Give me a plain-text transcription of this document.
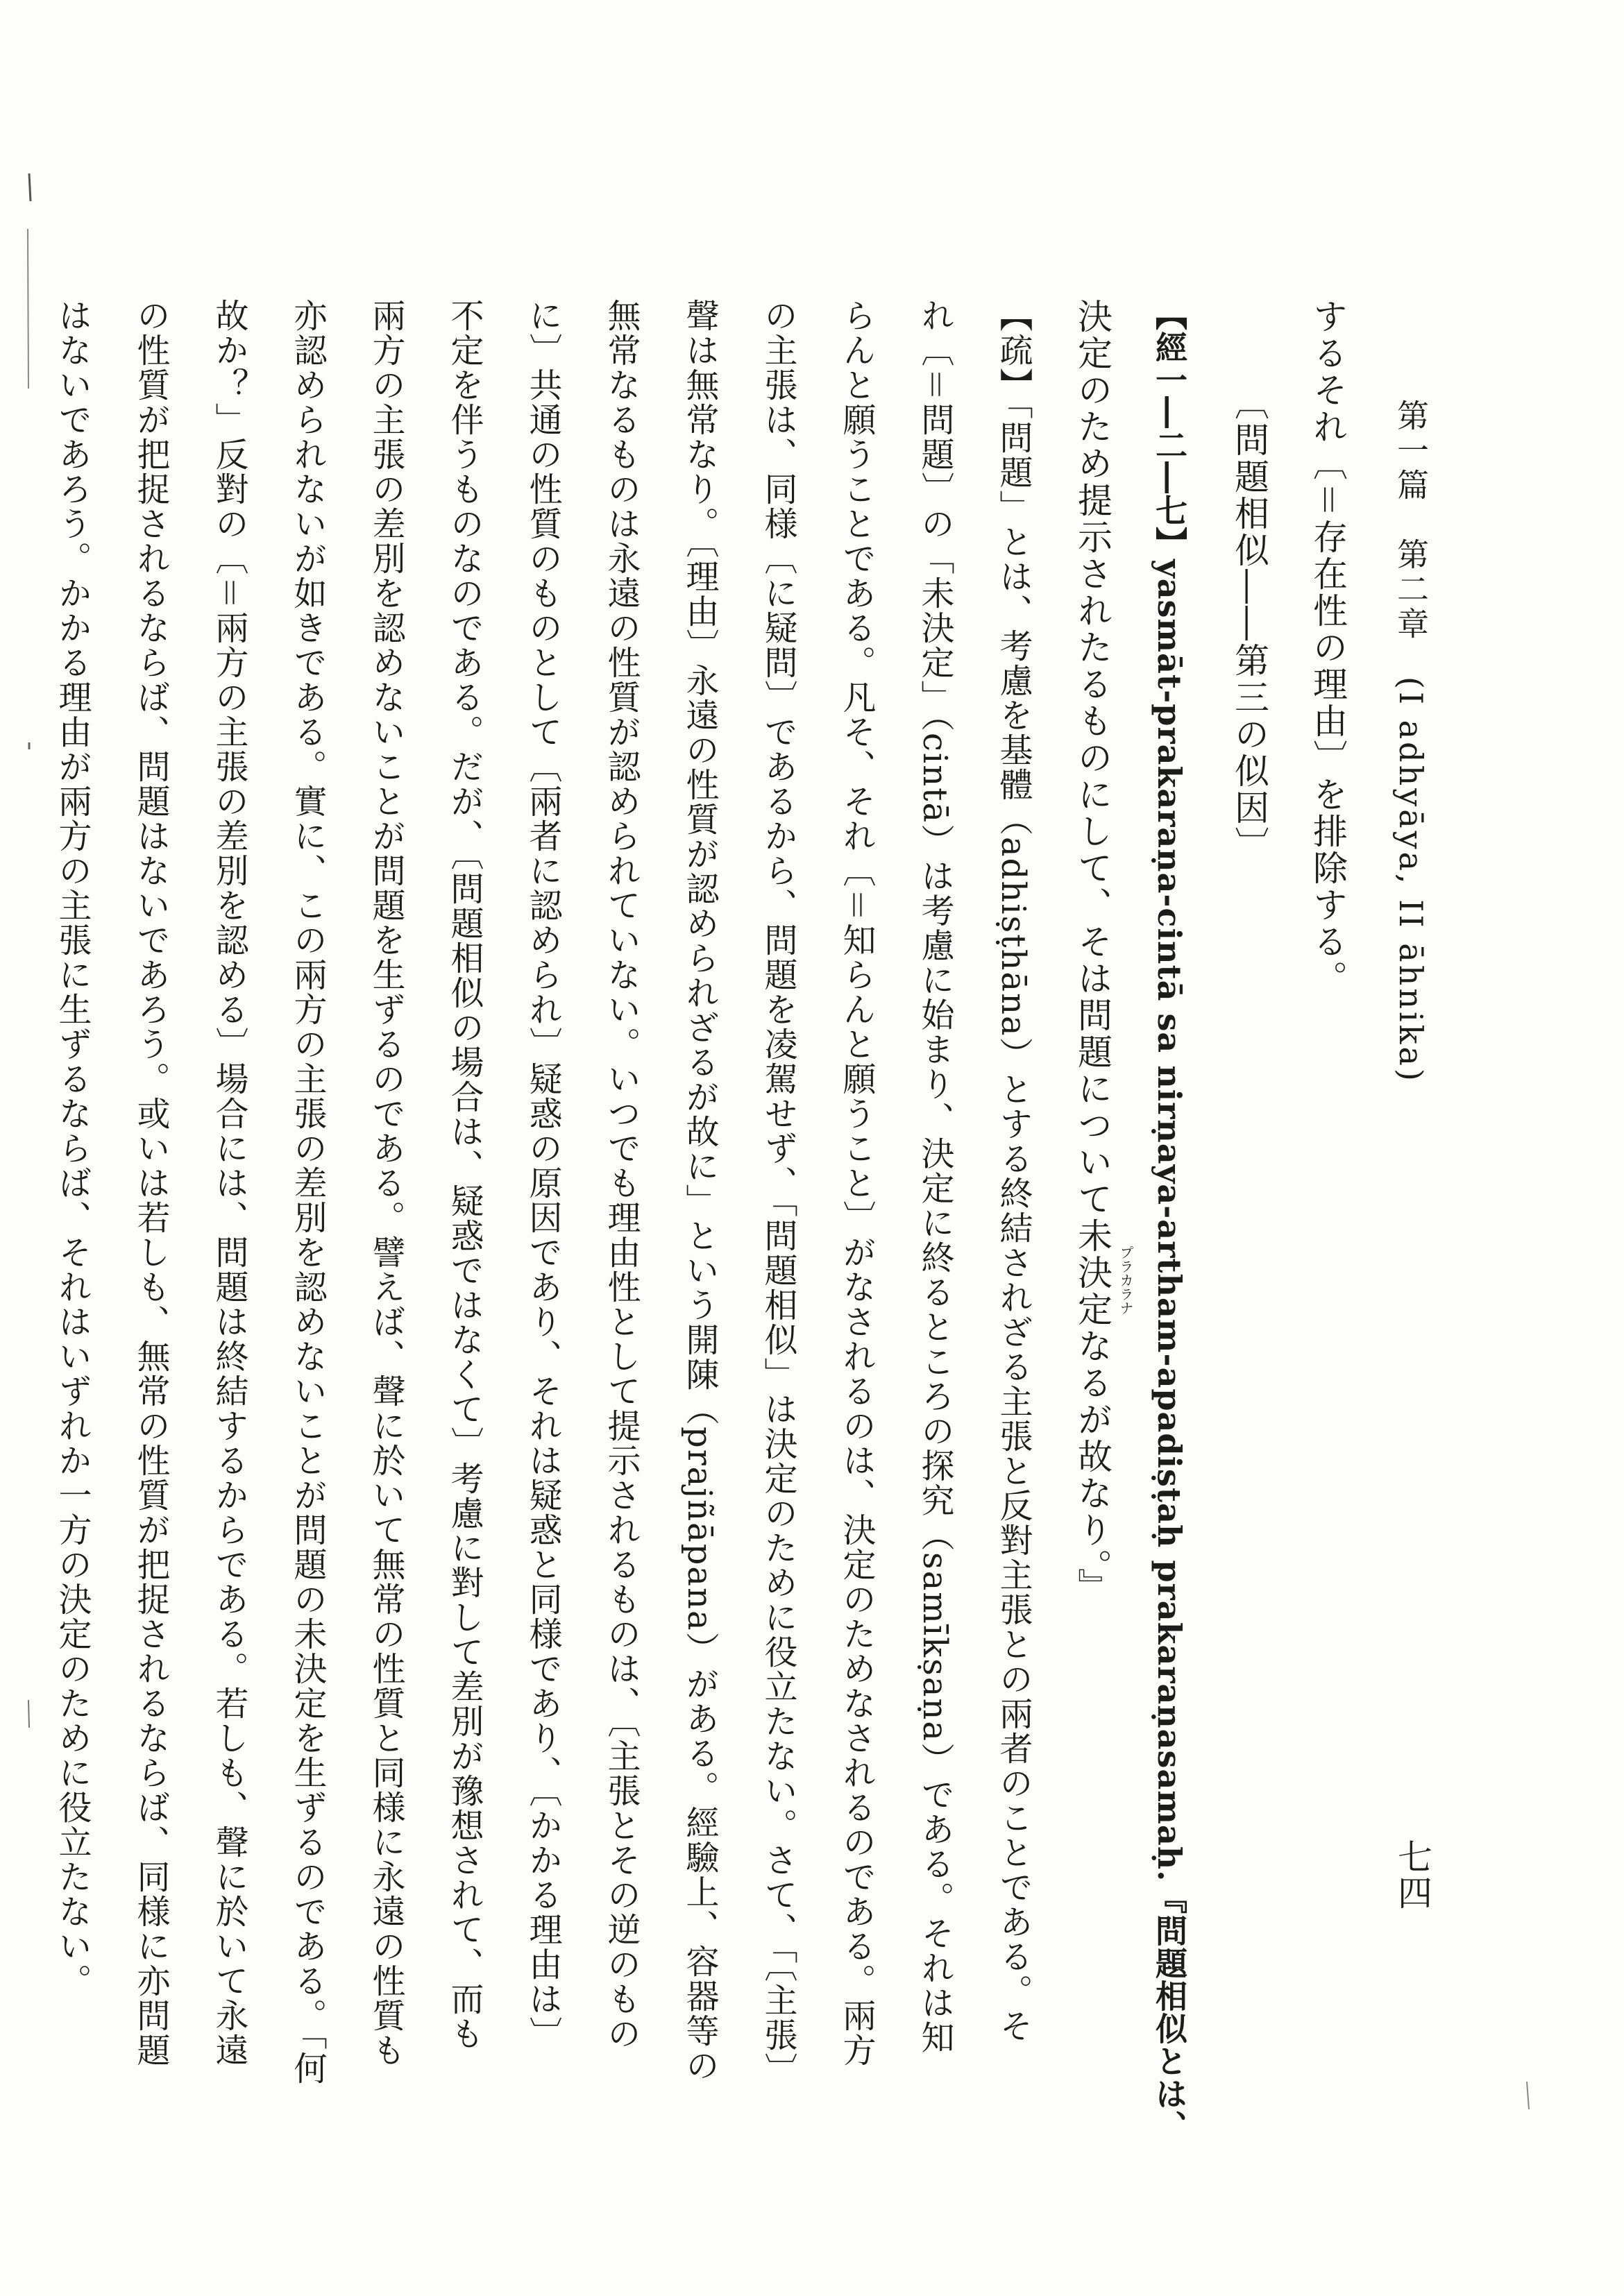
第一篇　第二章　(I adhyāya, II āhnika)
七四
するそれ〔＝存在性の理由〕を排除する。
〔問題相似――第三の似因〕
【經一―二―七】yasmāt-prakaraṇa-cintā sa nirṇaya-artham-apadiṣṭaḥ prakaraṇasamaḥ.『問題相似とは、
決定のため提示されたるものにして、そは問題について未決定なるが故なり。』
【疏】「問題」とは、考慮を基體（adhiṣṭhāna）とする終結されざる主張と反對主張との兩者のことである。そ
れ〔＝問題〕の「未決定」（cintā）は考慮に始まり、決定に終るところの探究（samīkṣaṇa）である。それは知
らんと願うことである。凡そ、それ〔＝知らんと願うこと〕がなされるのは、決定のためなされるのである。兩方
の主張は、同様〔に疑問〕であるから、問題を凌駕せず、「問題相似」は決定のために役立たない。さて、「〔主張〕
聲は無常なり。〔理由〕永遠の性質が認められざるが故に」という開陳（prajñāpana）がある。經驗上、容器等の
無常なるものは永遠の性質が認められていない。いつでも理由性として提示されるものは、〔主張とその逆のもの
に〕共通の性質のものとして〔兩者に認められ〕疑惑の原因であり、それは疑惑と同様であり、〔かかる理由は〕
不定を伴うものなのである。だが、〔問題相似の場合は、疑惑ではなくて〕考慮に對して差別が豫想されて、而も
兩方の主張の差別を認めないことが問題を生ずるのである。譬えば、聲に於いて無常の性質と同様に永遠の性質も
亦認められないが如きである。實に、この兩方の主張の差別を認めないことが問題の未決定を生ずるのである。「何
故か？」反對の〔＝兩方の主張の差別を認める〕場合には、問題は終結するからである。若しも、聲に於いて永遠
の性質が把捉されるならば、問題はないであろう。或いは若しも、無常の性質が把捉されるならば、同様に亦問題
はないであろう。かかる理由が兩方の主張に生ずるならば、それはいずれか一方の決定のために役立たない。	プラカラナ
